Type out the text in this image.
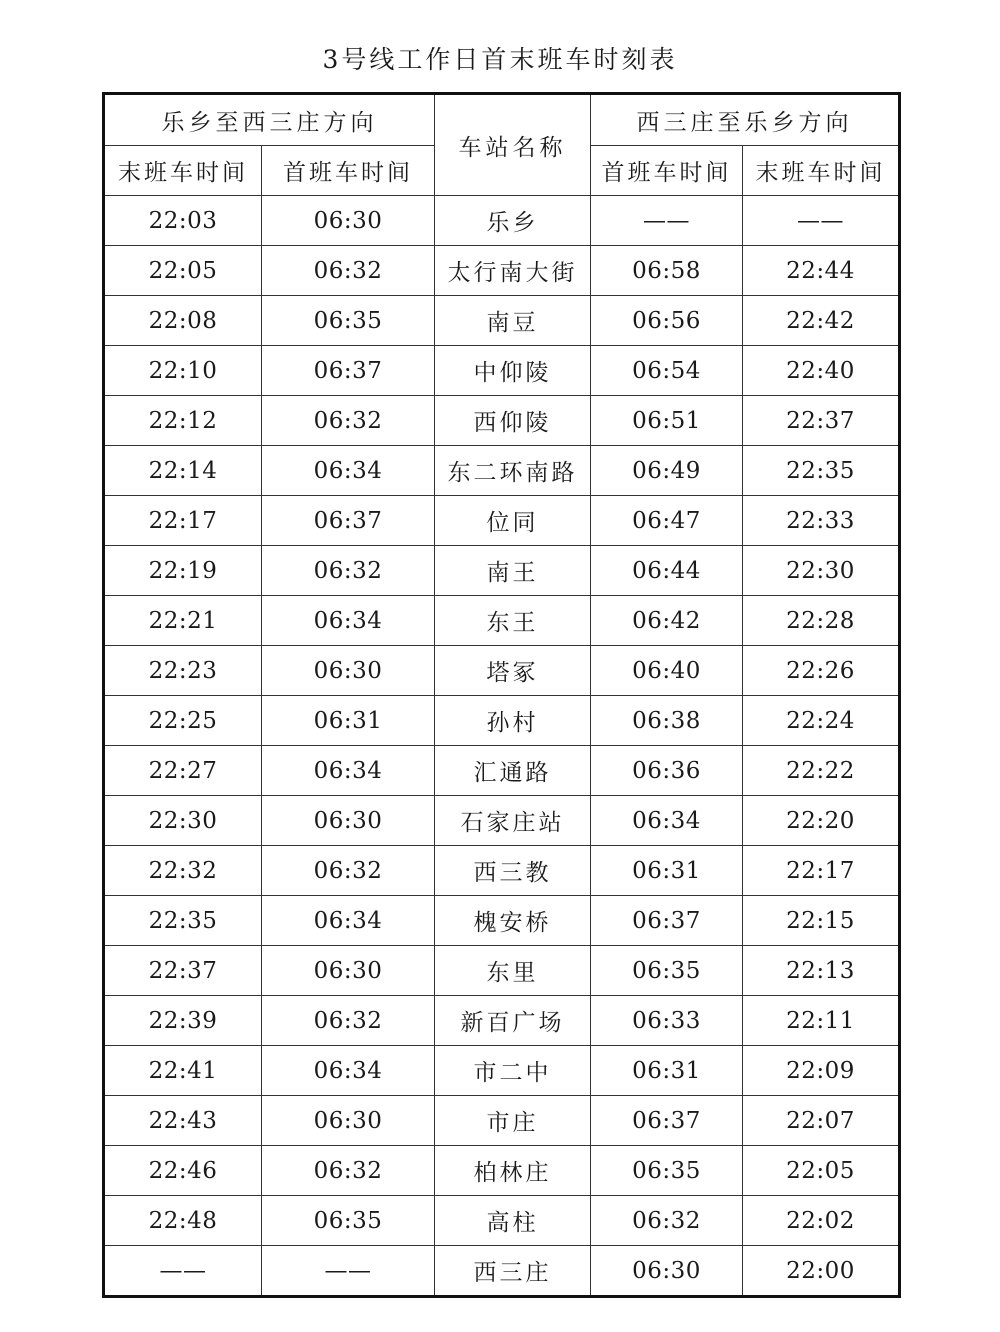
3号线工作日首末班车时刻表
乐乡至西三庄方向		车站名称	西三庄至乐乡方向	
末班车时间	首班车时间		首班车时间	末班车时间
22:03	06:30	乐乡	——	——
22:05	06:32	太行南大街	06:58	22:44
22:08	06:35	南豆	06:56	22:42
22:10	06:37	中仰陵	06:54	22:40
22:12	06:32	西仰陵	06:51	22:37
22:14	06:34	东二环南路	06:49	22:35
22:17	06:37	位同	06:47	22:33
22:19	06:32	南王	06:44	22:30
22:21	06:34	东王	06:42	22:28
22:23	06:30	塔冢	06:40	22:26
22:25	06:31	孙村	06:38	22:24
22:27	06:34	汇通路	06:36	22:22
22:30	06:30	石家庄站	06:34	22:20
22:32	06:32	西三教	06:31	22:17
22:35	06:34	槐安桥	06:37	22:15
22:37	06:30	东里	06:35	22:13
22:39	06:32	新百广场	06:33	22:11
22:41	06:34	市二中	06:31	22:09
22:43	06:30	市庄	06:37	22:07
22:46	06:32	柏林庄	06:35	22:05
22:48	06:35	高柱	06:32	22:02
——	——	西三庄	06:30	22:00
